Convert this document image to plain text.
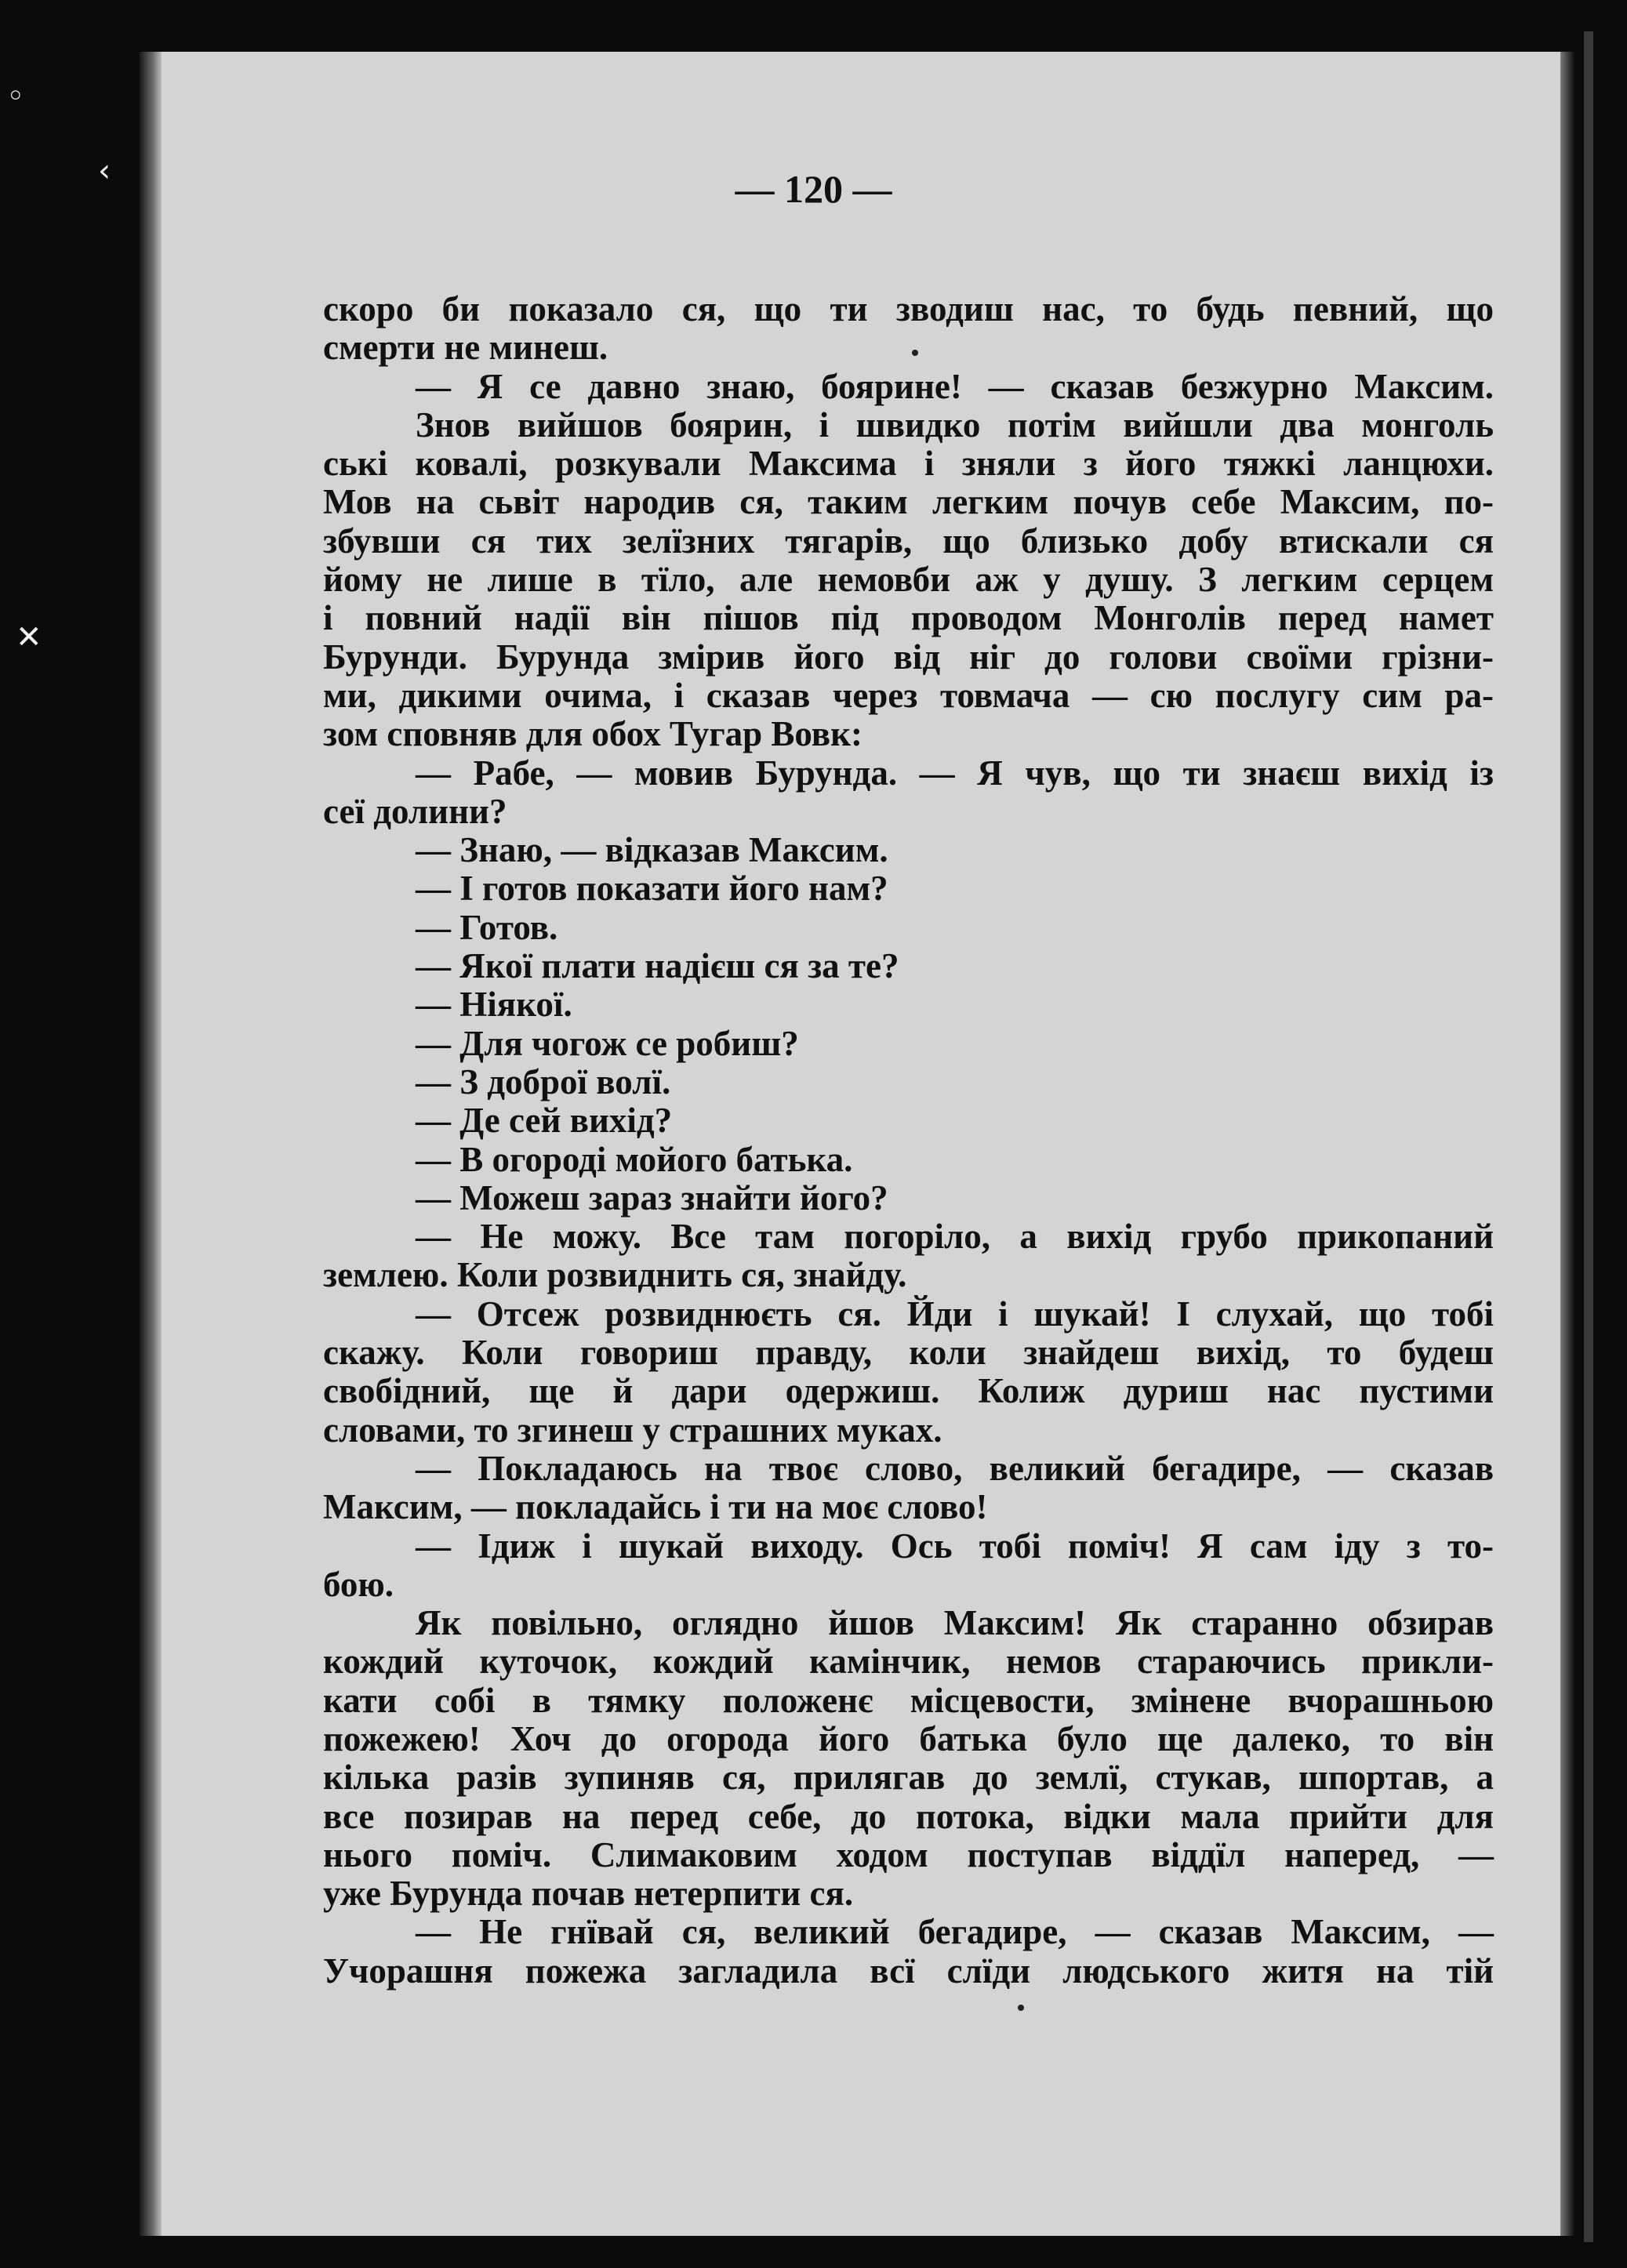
— 120 —
скоро би показало ся, що ти зводиш нас, то будь певний, що
смерти не минеш.
— Я се давно знаю, боярине! — сказав безжурно Максим.
Знов вийшов боярин, і швидко потім вийшли два монголь
ські ковалі, розкували Максима і зняли з його тяжкі ланцюхи.
Мов на сьвіт народив ся, таким легким почув себе Максим, по-
збувши ся тих зелїзних тягарів, що близько добу втискали ся
йому не лише в тїло, але немовби аж у душу. З легким серцем
і повний надії він пішов під проводом Монголів перед намет
Бурунди. Бурунда змірив його від ніг до голови своїми грізни-
ми, дикими очима, і сказав через товмача — сю послугу сим ра-
зом сповняв для обох Тугар Вовк:
— Рабе, — мовив Бурунда. — Я чув, що ти знаєш вихід із
сеї долини?
— Знаю, — відказав Максим.
— І готов показати його нам?
— Готов.
— Якої плати надієш ся за те?
— Ніякої.
— Для чогож се робиш?
— З доброї волї.
— Де сей вихід?
— В огороді мойого батька.
— Можеш зараз знайти його?
— Не можу. Все там погоріло, а вихід грубо прикопаний
землею. Коли розвиднить ся, знайду.
— Отсеж розвиднюєть ся. Йди і шукай! І слухай, що тобі
скажу. Коли говориш правду, коли знайдеш вихід, то будеш
свобідний, ще й дари одержиш. Колиж дуриш нас пустими
словами, то згинеш у страшних муках.
— Покладаюсь на твоє слово, великий бегадире, — сказав
Максим, — покладайсь і ти на моє слово!
— Ідиж і шукай виходу. Ось тобі поміч! Я сам іду з то-
бою.
Як повільно, оглядно йшов Максим! Як старанно обзирав
кождий куточок, кождий камінчик, немов стараючись прикли-
кати собі в тямку положенє місцевости, змінене вчорашньою
пожежею! Хоч до огорода його батька було ще далеко, то він
кілька разів зупиняв ся, прилягав до землї, стукав, шпортав, а
все позирав на перед себе, до потока, відки мала прийти для
нього поміч. Слимаковим ходом поступав віддїл наперед, —
уже Бурунда почав нетерпити ся.
— Не гнївай ся, великий бегадире, — сказав Максим, —
Учорашня пожежа загладила всї слїди людського житя на тій
◦
‹
✕
